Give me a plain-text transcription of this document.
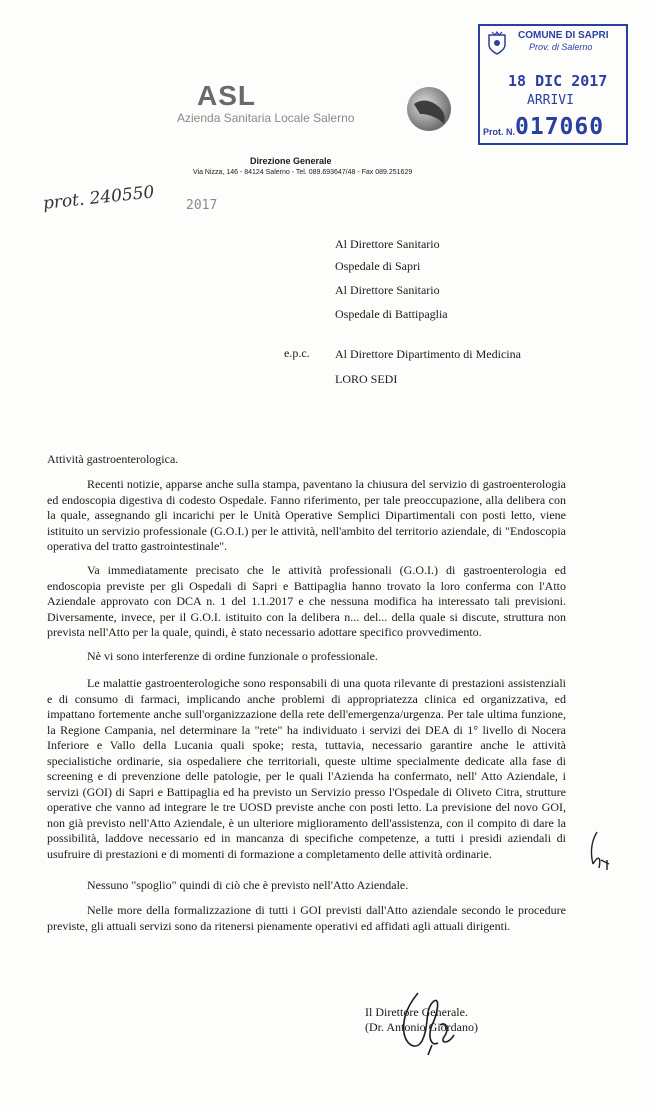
ASL
Azienda Sanitaria Locale Salerno
Direzione Generale
Via Nizza, 146 - 84124 Salerno - Tel. 089.693647/48 - Fax 089.251629
COMUNE DI SAPRI
Prov. di Salerno
18 DIC 2017
ARRIVI
Prot. N. 017060
prot. 240550 2017
Al Direttore Sanitario
Ospedale di Sapri
Al Direttore Sanitario
Ospedale di Battipaglia
Al Direttore Dipartimento di Medicina
LORO SEDI
e.p.c.
Attività gastroenterologica.
Recenti notizie, apparse anche sulla stampa, paventano la chiusura del servizio di gastroenterologia ed endoscopia digestiva di codesto Ospedale. Fanno riferimento, per tale preoccupazione, alla delibera con la quale, assegnando gli incarichi per le Unità Operative Semplici Dipartimentali con posti letto, viene istituito un servizio professionale (G.O.I.) per le attività, nell'ambito del territorio aziendale, di "Endoscopia operativa del tratto gastrointestinale".
Va immediatamente precisato che le attività professionali (G.O.I.) di gastroenterologia ed endoscopia previste per gli Ospedali di Sapri e Battipaglia hanno trovato la loro conferma con l'Atto Aziendale approvato con DCA n. 1 del 1.1.2017 e che nessuna modifica ha interessato tali previsioni. Diversamente, invece, per il G.O.I. istituito con la delibera n... del... della quale si discute, struttura non prevista nell'Atto per la quale, quindi, è stato necessario adottare specifico provvedimento.
Nè vi sono interferenze di ordine funzionale o professionale.
Le malattie gastroenterologiche sono responsabili di una quota rilevante di prestazioni assistenziali e di consumo di farmaci, implicando anche problemi di appropriatezza clinica ed organizzativa, ed impattano fortemente anche sull'organizzazione della rete dell'emergenza/urgenza. Per tale ultima funzione, la Regione Campania, nel determinare la "rete" ha individuato i servizi dei DEA di 1° livello di Nocera Inferiore e Vallo della Lucania quali spoke; resta, tuttavia, necessario garantire anche le attività specialistiche ordinarie, sia ospedaliere che territoriali, queste ultime specialmente dedicate alla fase di screening e di prevenzione delle patologie, per le quali l'Azienda ha confermato, nell' Atto Aziendale, i servizi (GOI) di Sapri e Battipaglia ed ha previsto un Servizio presso l'Ospedale di Oliveto Citra, strutture operative che vanno ad integrare le tre UOSD previste anche con posti letto. La previsione del novo GOI, non già previsto nell'Atto Aziendale, è un ulteriore miglioramento dell'assistenza, con il compito di dare la possibilità, laddove necessario ed in mancanza di specifiche competenze, a tutti i presidi aziendali di usufruire di prestazioni e di momenti di formazione a completamento delle attività ordinarie.
Nessuno "spoglio" quindi di ciò che è previsto nell'Atto Aziendale.
Nelle more della formalizzazione di tutti i GOI previsti dall'Atto aziendale secondo le procedure previste, gli attuali servizi sono da ritenersi pienamente operativi ed affidati agli attuali dirigenti.
Il Direttore Generale.
(Dr. Antonio Giordano)
